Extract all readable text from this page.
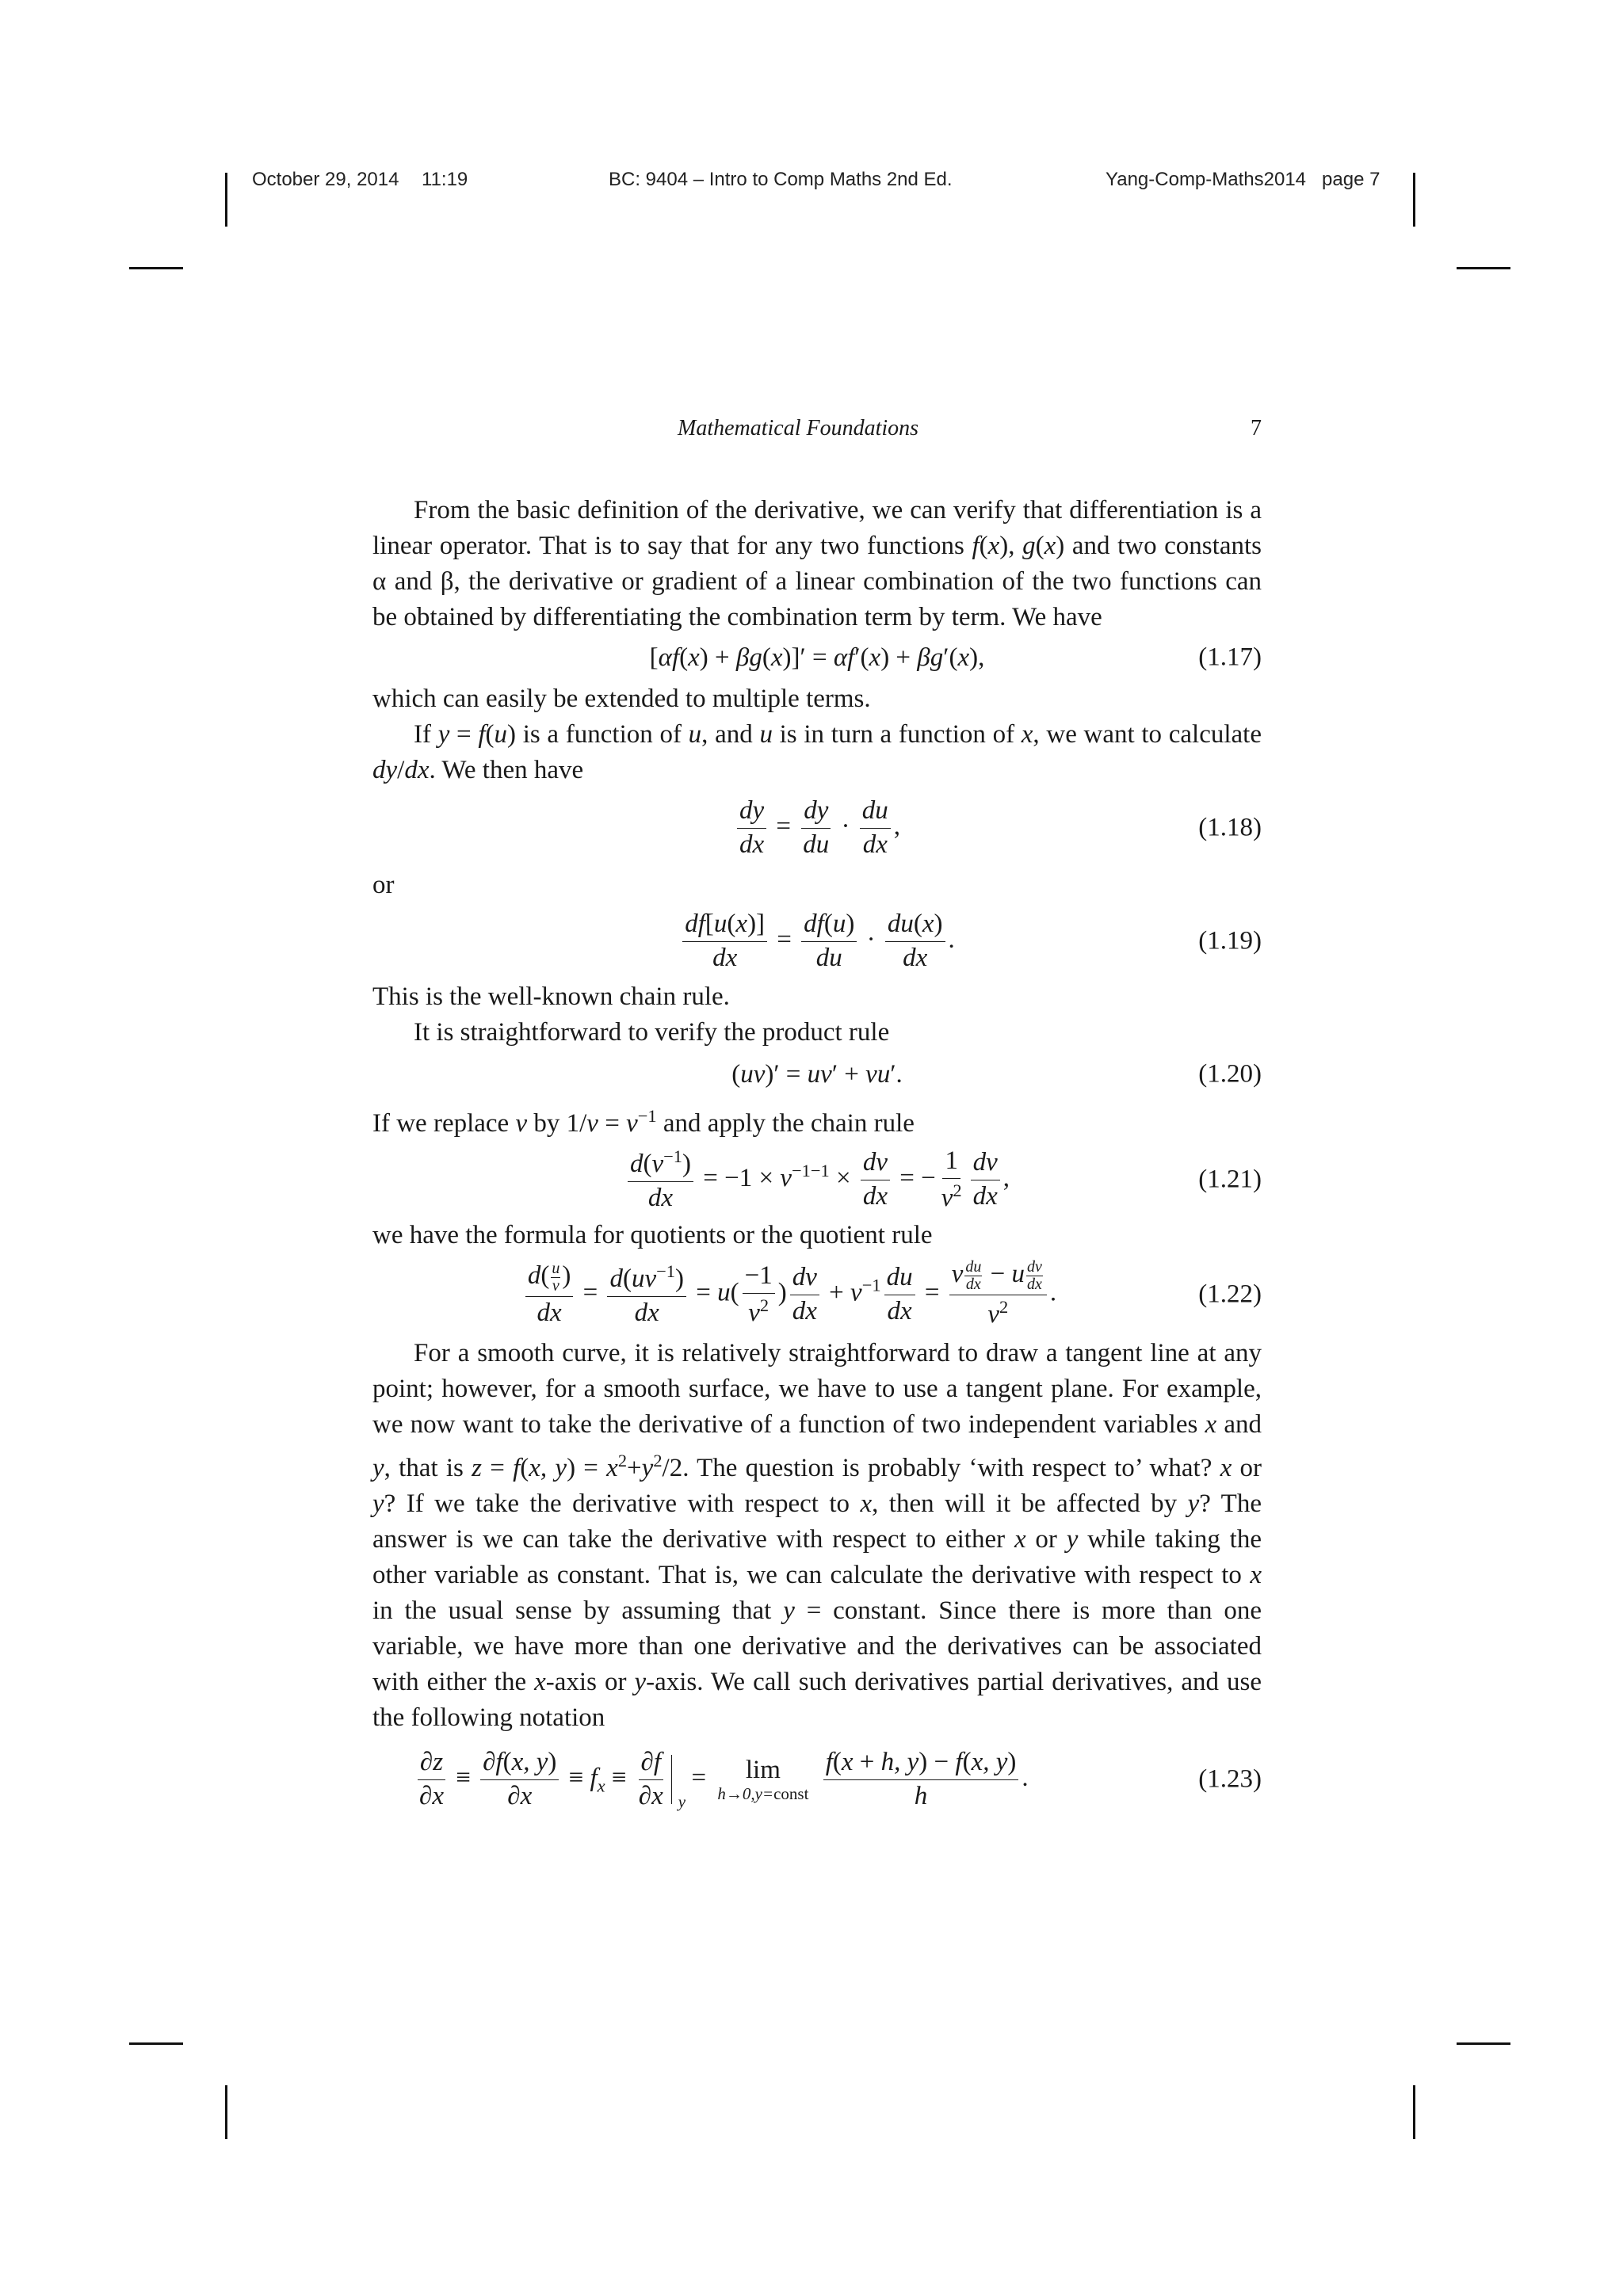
October 29, 2014 11:19	BC: 9404 – Intro to Comp Maths 2nd Ed.	Yang-Comp-Maths2014   page 7
Mathematical Foundations	7

From the basic definition of the derivative, we can verify that differentiation is a linear operator. That is to say that for any two functions f(x), g(x) and two constants α and β, the derivative or gradient of a linear combination of the two functions can be obtained by differentiating the combination term by term. We have

[αf(x) + βg(x)]′ = αf′(x) + βg′(x),	(1.17)

which can easily be extended to multiple terms.

If y = f(u) is a function of u, and u is in turn a function of x, we want to calculate dy/dx. We then have

$\frac{dy}{dx} = \frac{dy}{du} \cdot \frac{du}{dx}$ ,	(1.18)

or

$\frac{df[u(x)]}{dx} = \frac{df(u)}{du} \cdot \frac{du(x)}{dx}$ .	(1.19)

This is the well-known chain rule.

It is straightforward to verify the product rule

(uv)′ = uv′ + vu′.	(1.20)

If we replace v by $1/v = v^{-1}$ and apply the chain rule

$\frac{d(v^{-1})}{dx} = -1 \times v^{-1-1} \times \frac{dv}{dx}$ = − $\frac{1}{v^2} \frac{dv}{dx}$ ,	(1.21)

we have the formula for quotients or the quotient rule

$\frac{d( \frac{u}{v} )}{dx} = \frac{d(uv^{-1})}{dx} = u( \frac{-1}{v^2}$ ) $\frac{dv}{dx} + v^{-1} \frac{du}{dx}$ =
v $\frac{du}{dx} - u \frac{dv}{dx}$
$v^2$ .	(1.22)

For a smooth curve, it is relatively straightforward to draw a tangent line at any point; however, for a smooth surface, we have to use a tangent plane. For example, we now want to take the derivative of a function of two independent variables x and y, that is z = f(x, $y) = x^2+y^2/2$. The question is probably ‘with respect to’ what? x or y? If we take the derivative with respect to x, then will it be affected by y? The answer is we can take the derivative with respect to either x or y while taking the other variable as constant. That is, we can calculate the derivative with respect to x in the usual sense by assuming that y = constant. Since there is more than one variable, we have more than one derivative and the derivatives can be associated with either the x-axis or y-axis. We call such derivatives partial derivatives, and use the following notation

$\frac{\partial z}{\partial x} \equiv \frac{\partial f(x, y)}{\partial x} \equiv f_x \equiv \frac{\partial f}{\partial x}$ y
= lim
h→0,y=const
$\frac{f(x + h, y) - f(x, y)}{h}$ .	(1.23)
